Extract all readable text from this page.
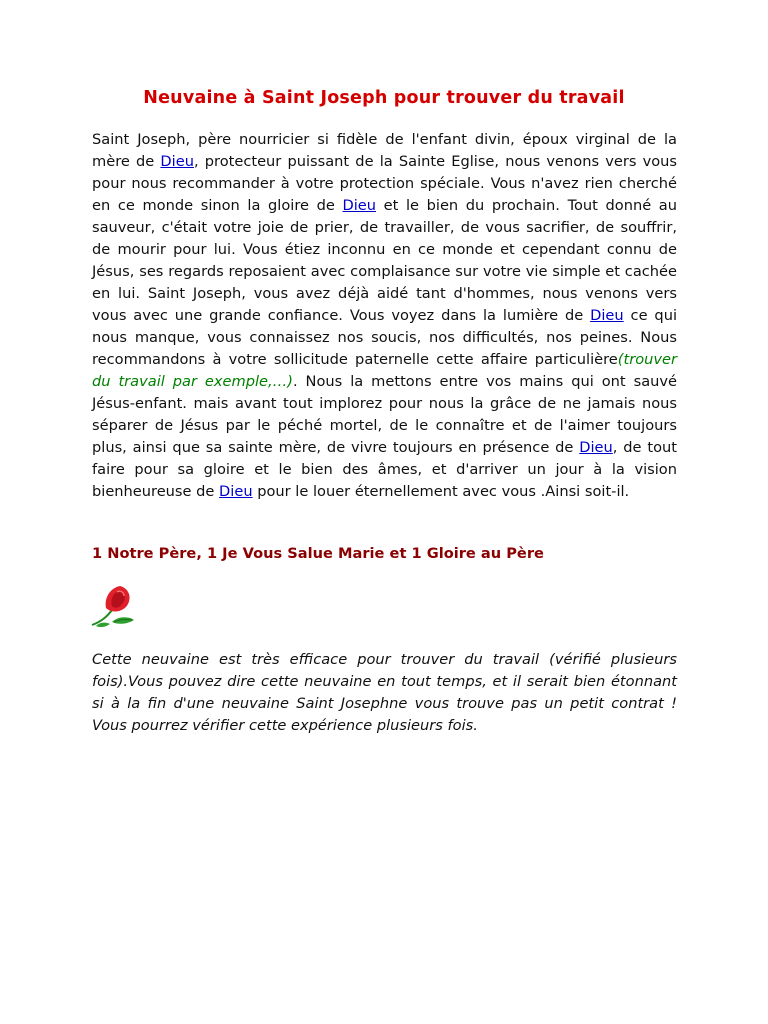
Neuvaine à Saint Joseph pour trouver du travail

Saint Joseph, père nourricier si fidèle de l'enfant divin, époux virginal de la mère de Dieu, protecteur puissant de la Sainte Eglise, nous venons vers vous pour nous recommander à votre protection spéciale. Vous n'avez rien cherché en ce monde sinon la gloire de Dieu et le bien du prochain. Tout donné au sauveur, c'était votre joie de prier, de travailler, de vous sacrifier, de souffrir, de mourir pour lui. Vous étiez inconnu en ce monde et cependant connu de Jésus, ses regards reposaient avec complaisance sur votre vie simple et cachée en lui. Saint Joseph, vous avez déjà aidé tant d'hommes, nous venons vers vous avec une grande confiance. Vous voyez dans la lumière de Dieu ce qui nous manque, vous connaissez nos soucis, nos difficultés, nos peines. Nous recommandons à votre sollicitude paternelle cette affaire particulière(trouver du travail par exemple,…). Nous la mettons entre vos mains qui ont sauvé Jésus-enfant. mais avant tout implorez pour nous la grâce de ne jamais nous séparer de Jésus par le péché mortel, de le connaître et de l'aimer toujours plus, ainsi que sa sainte mère, de vivre toujours en présence de Dieu, de tout faire pour sa gloire et le bien des âmes, et d'arriver un jour à la vision bienheureuse de Dieu pour le louer éternellement avec vous .Ainsi soit-il.

1 Notre Père, 1 Je Vous Salue Marie et 1 Gloire au Père

Cette neuvaine est très efficace pour trouver du travail (vérifié plusieurs fois).Vous pouvez dire cette neuvaine en tout temps, et il serait bien étonnant si à la fin d'une neuvaine Saint Josephne vous trouve pas un petit contrat ! Vous pourrez vérifier cette expérience plusieurs fois.
